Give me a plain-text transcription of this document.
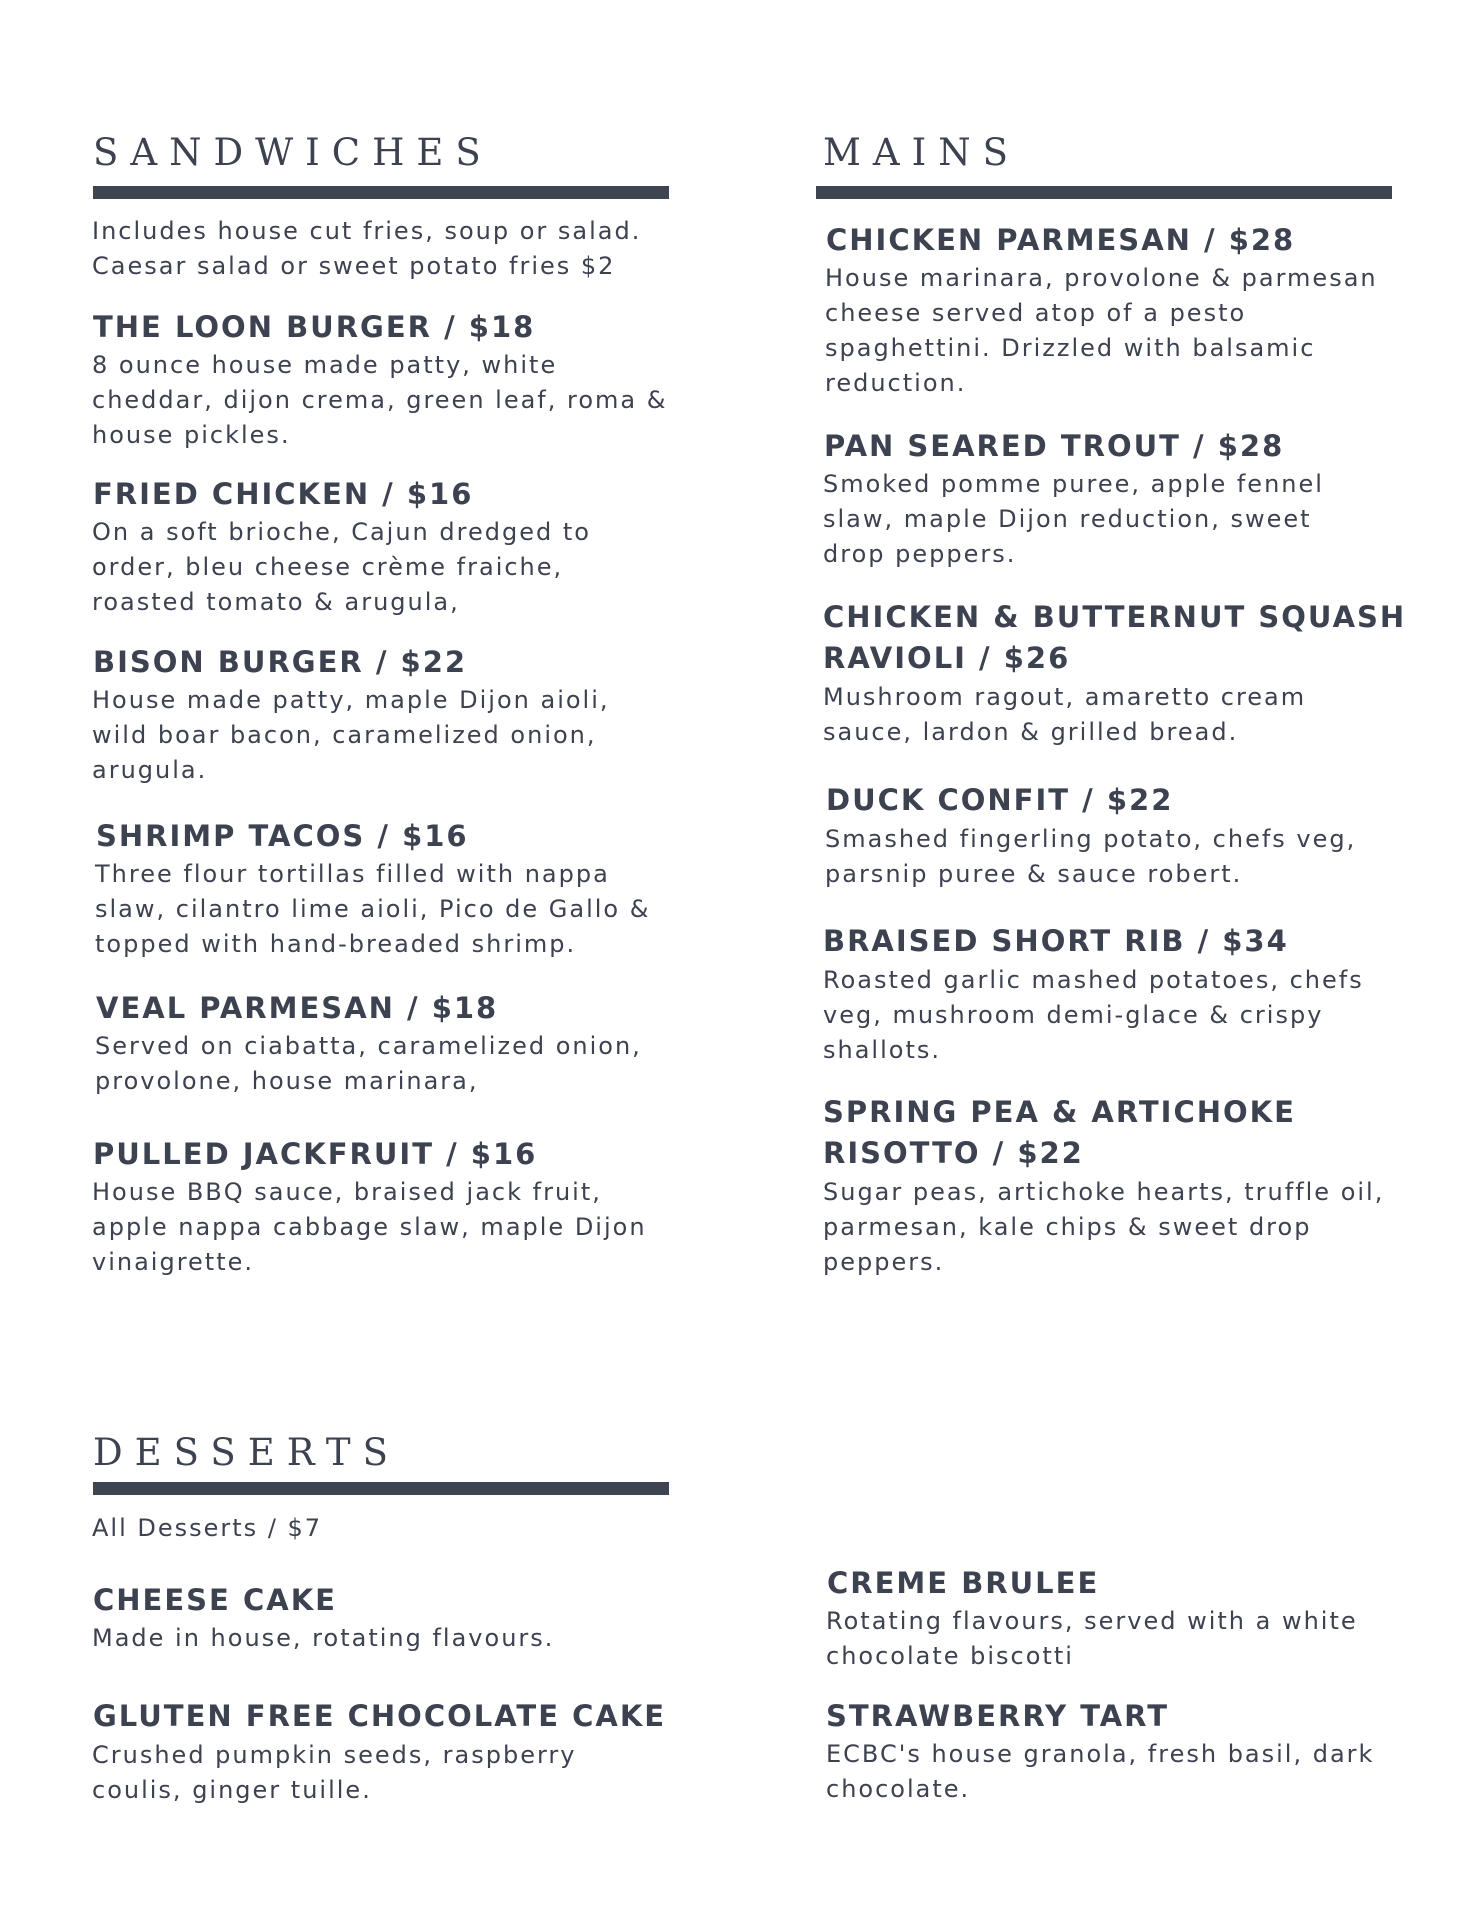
SANDWICHES

Includes house cut fries, soup or salad. Caesar salad or sweet potato fries $2

THE LOON BURGER / $18

8 ounce house made patty, white cheddar, dijon crema, green leaf, roma & house pickles.

FRIED CHICKEN / $16

On a soft brioche, Cajun dredged to order, bleu cheese crème fraiche, roasted tomato & arugula,

BISON BURGER / $22

House made patty, maple Dijon aioli, wild boar bacon, caramelized onion, arugula.

SHRIMP TACOS / $16

Three flour tortillas filled with nappa slaw, cilantro lime aioli, Pico de Gallo & topped with hand-breaded shrimp.

VEAL PARMESAN / $18

Served on ciabatta, caramelized onion, provolone, house marinara,

PULLED JACKFRUIT / $16

House BBQ sauce, braised jack fruit, apple nappa cabbage slaw, maple Dijon vinaigrette.

MAINS

CHICKEN PARMESAN / $28

House marinara, provolone & parmesan cheese served atop of a pesto spaghettini. Drizzled with balsamic reduction.

PAN SEARED TROUT / $28

Smoked pomme puree, apple fennel slaw, maple Dijon reduction, sweet drop peppers.

CHICKEN & BUTTERNUT SQUASH RAVIOLI / $26

Mushroom ragout, amaretto cream sauce, lardon & grilled bread.

DUCK CONFIT / $22

Smashed fingerling potato, chefs veg, parsnip puree & sauce robert.

BRAISED SHORT RIB / $34

Roasted garlic mashed potatoes, chefs veg, mushroom demi-glace & crispy shallots.

SPRING PEA & ARTICHOKE RISOTTO / $22

Sugar peas, artichoke hearts, truffle oil, parmesan, kale chips & sweet drop peppers.

DESSERTS

All Desserts / $7

CHEESE CAKE

Made in house, rotating flavours.

GLUTEN FREE CHOCOLATE CAKE

Crushed pumpkin seeds, raspberry coulis, ginger tuille.

CREME BRULEE

Rotating flavours, served with a white chocolate biscotti

STRAWBERRY TART

ECBC's house granola, fresh basil, dark chocolate.
